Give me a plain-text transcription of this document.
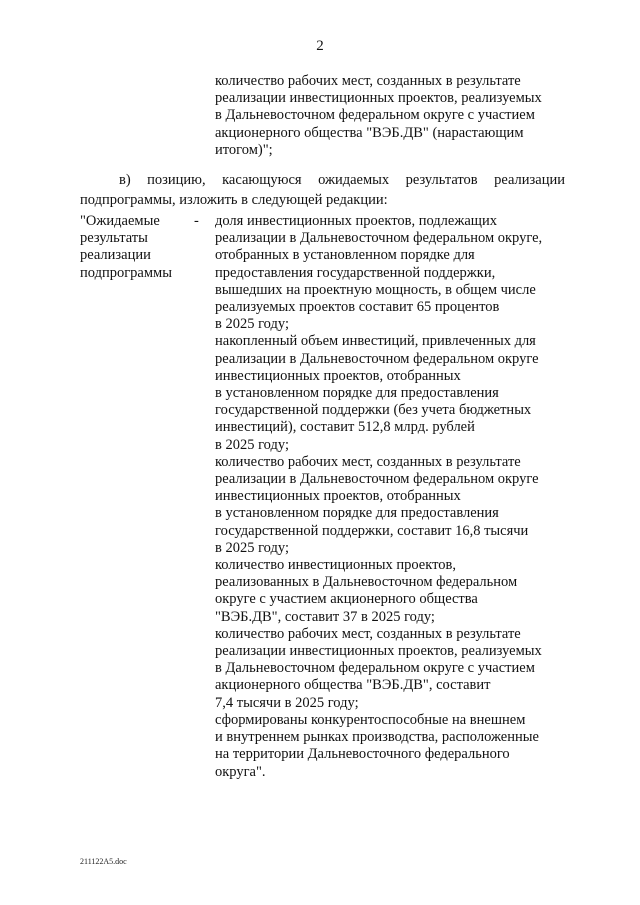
2
количество рабочих мест, созданных в результате
реализации инвестиционных проектов, реализуемых
в Дальневосточном федеральном округе с участием
акционерного общества "ВЭБ.ДВ" (нарастающим
итогом)";
в) позицию, касающуюся ожидаемых результатов реализации
подпрограммы, изложить в следующей редакции:
"Ожидаемые
результаты
реализации
подпрограммы
- доля инвестиционных проектов, подлежащих
реализации в Дальневосточном федеральном округе,
отобранных в установленном порядке для
предоставления государственной поддержки,
вышедших на проектную мощность, в общем числе
реализуемых проектов составит 65 процентов
в 2025 году;
накопленный объем инвестиций, привлеченных для
реализации в Дальневосточном федеральном округе
инвестиционных проектов, отобранных
в установленном порядке для предоставления
государственной поддержки (без учета бюджетных
инвестиций), составит 512,8 млрд. рублей
в 2025 году;
количество рабочих мест, созданных в результате
реализации в Дальневосточном федеральном округе
инвестиционных проектов, отобранных
в установленном порядке для предоставления
государственной поддержки, составит 16,8 тысячи
в 2025 году;
количество инвестиционных проектов,
реализованных в Дальневосточном федеральном
округе с участием акционерного общества
"ВЭБ.ДВ", составит 37 в 2025 году;
количество рабочих мест, созданных в результате
реализации инвестиционных проектов, реализуемых
в Дальневосточном федеральном округе с участием
акционерного общества "ВЭБ.ДВ", составит
7,4 тысячи в 2025 году;
сформированы конкурентоспособные на внешнем
и внутреннем рынках производства, расположенные
на территории Дальневосточного федерального
округа".
211122A5.doc
